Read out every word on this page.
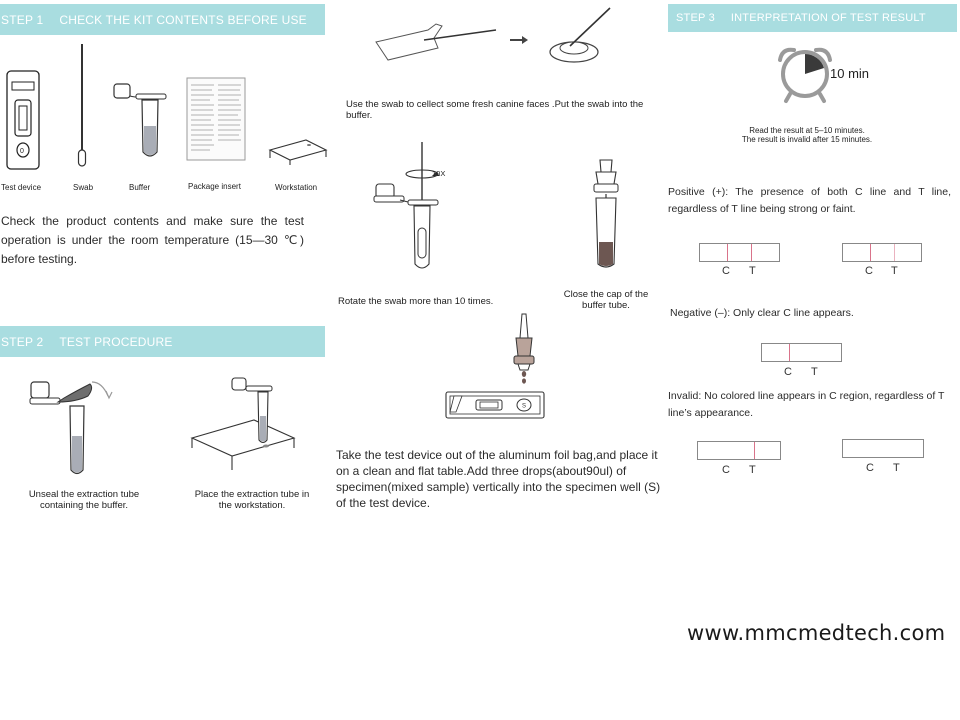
STEP 1 CHECK THE KIT CONTENTS BEFORE USE
0
Test device	Swab	Buffer	Package insert	Workstation
Check the product contents and make sure the test operation is under the room temperature (15—30 ℃) before testing.
STEP 2 TEST PROCEDURE
Unseal the extraction tube containing the buffer.
Place the extraction tube in the workstation.
Use the swab to cellect some fresh canine faces .Put the swab into the buffer.
10X
Rotate the swab more than 10 times.
Close the cap of the buffer tube.
S
Take the test device out of the aluminum foil bag,and place it on a clean and flat table.Add three drops(about90ul) of specimen(mixed sample) vertically into the specimen well (S) of the test device.
STEP 3 INTERPRETATION OF TEST RESULT
10 min
Read the result at 5–10 minutes.
The result is invalid after 15 minutes.
Positive (+): The presence of both C line and T line, regardless of T line being strong or faint.
C T	C T
Negative (–): Only clear C line appears.
C T
Invalid: No colored line appears in C region, regardless of T line’s appearance.
C T	C T
www.mmcmedtech.com
